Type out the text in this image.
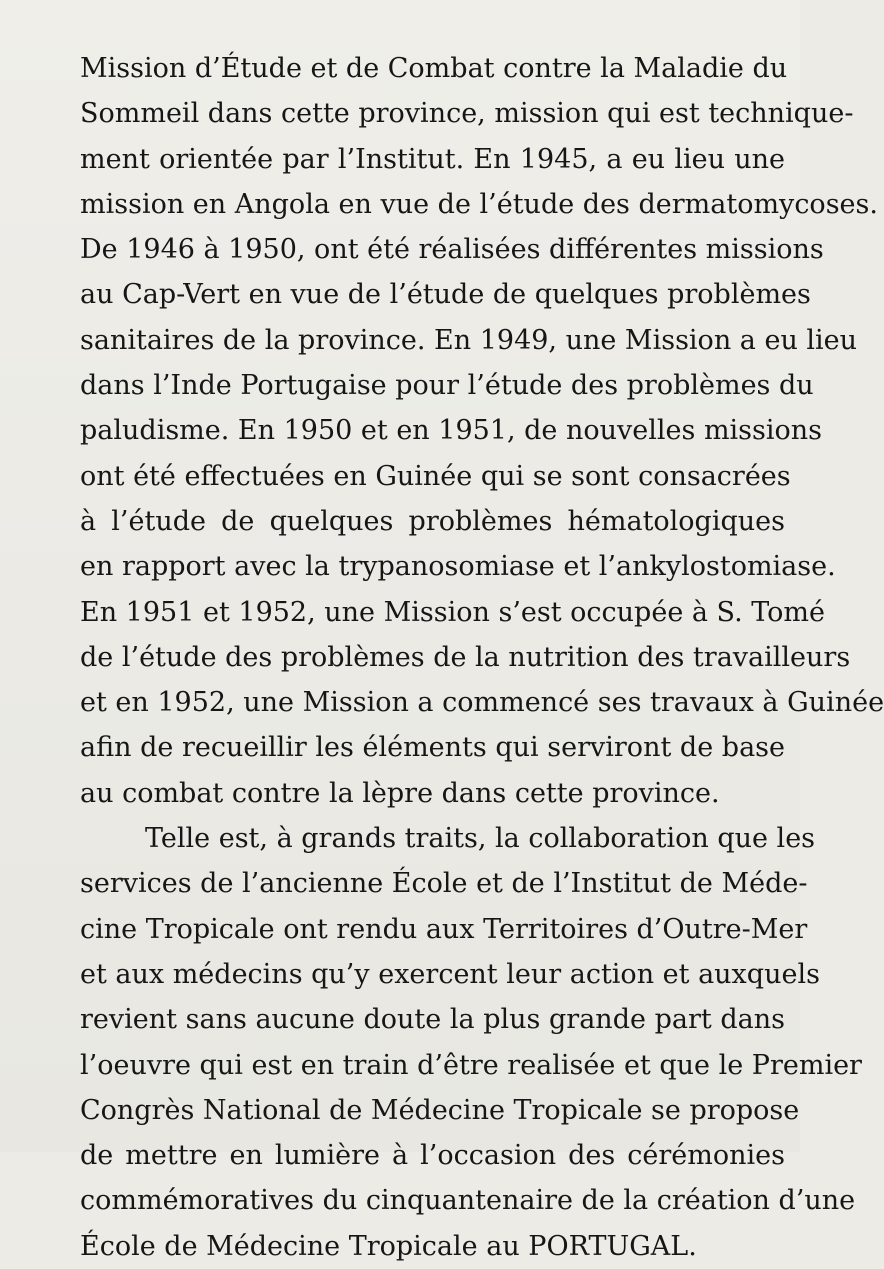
Mission d’Étude et de Combat contre la Maladie du
Sommeil dans cette province, mission qui est technique-
ment orientée par l’Institut. En 1945, a eu lieu une
mission en Angola en vue de l’étude des dermatomycoses.
De 1946 à 1950, ont été réalisées différentes missions
au Cap-Vert en vue de l’étude de quelques problèmes
sanitaires de la province. En 1949, une Mission a eu lieu
dans l’Inde Portugaise pour l’étude des problèmes du
paludisme. En 1950 et en 1951, de nouvelles missions
ont été effectuées en Guinée qui se sont consacrées
à l’étude de quelques problèmes hématologiques
en rapport avec la trypanosomiase et l’ankylostomiase.
En 1951 et 1952, une Mission s’est occupée à S. Tomé
de l’étude des problèmes de la nutrition des travailleurs
et en 1952, une Mission a commencé ses travaux à Guinée
afin de recueillir les éléments qui serviront de base
au combat contre la lèpre dans cette province.
Telle est, à grands traits, la collaboration que les
services de l’ancienne École et de l’Institut de Méde-
cine Tropicale ont rendu aux Territoires d’Outre-Mer
et aux médecins qu’y exercent leur action et auxquels
revient sans aucune doute la plus grande part dans
l’oeuvre qui est en train d’être realisée et que le Premier
Congrès National de Médecine Tropicale se propose
de mettre en lumière à l’occasion des cérémonies
commémoratives du cinquantenaire de la création d’une
École de Médecine Tropicale au PORTUGAL.
